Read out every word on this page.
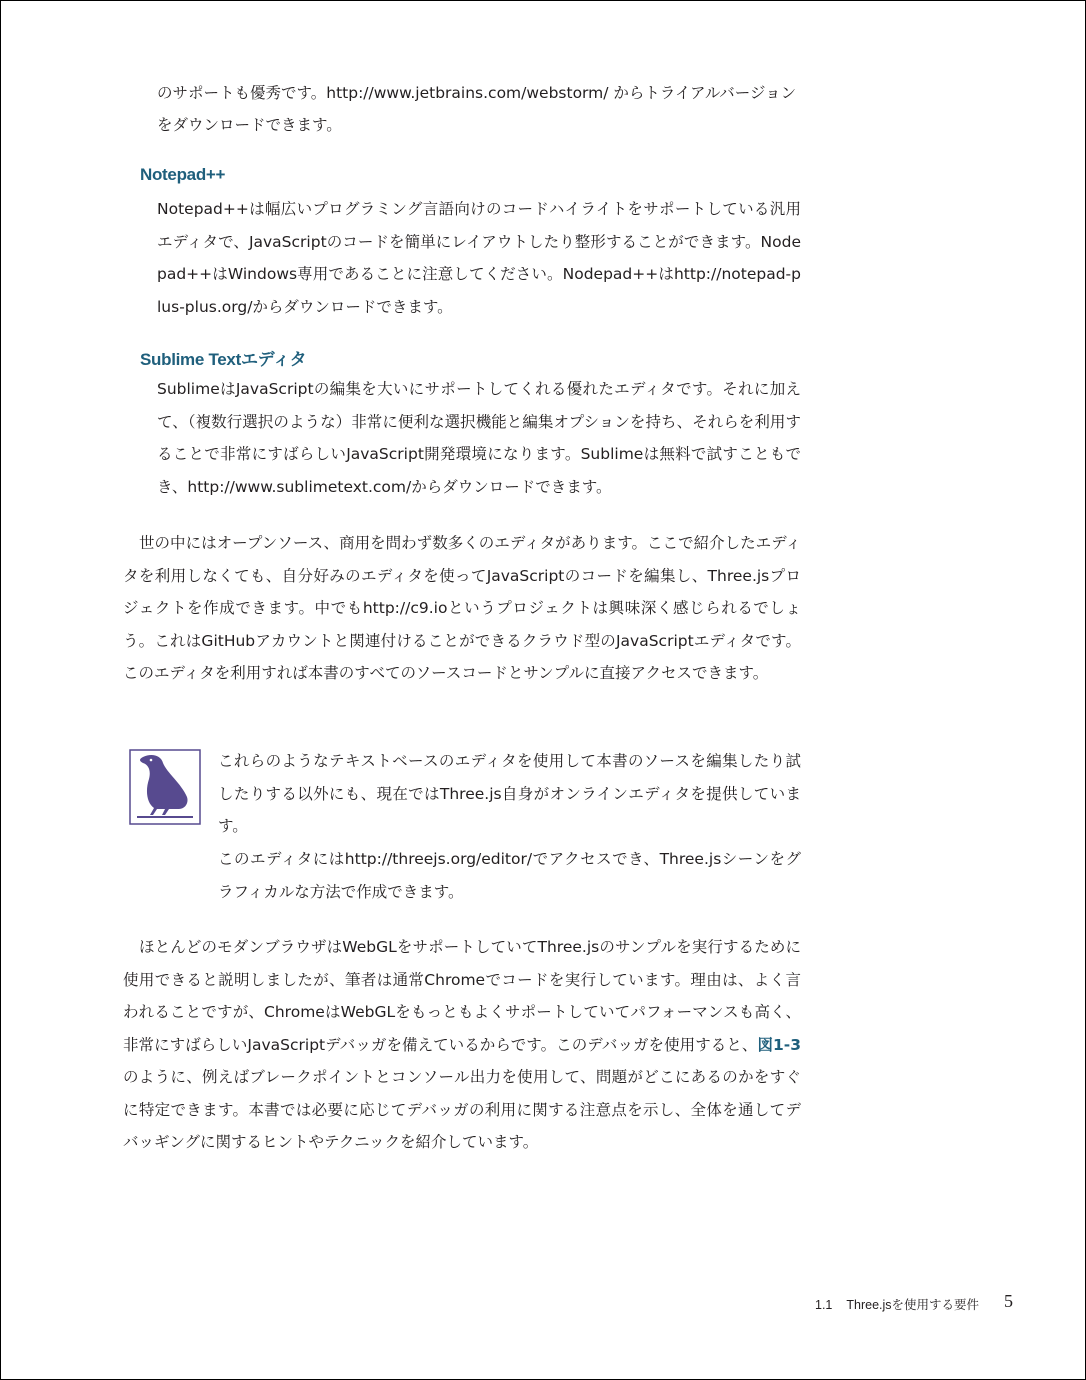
のサポートも優秀です。http://www.jetbrains.com/webstorm/ からトライアルバージョン

をダウンロードできます。

Notepad++

Notepad++は幅広いプログラミング言語向けのコードハイライトをサポートしている汎用エディタで、JavaScriptのコードを簡単にレイアウトしたり整形することができます。Nodepad++はWindows専用であることに注意してください。Nodepad++はhttp://notepad-plus-plus.org/からダウンロードできます。

Sublime Textエディタ

SublimeはJavaScriptの編集を大いにサポートしてくれる優れたエディタです。それに加えて、（複数行選択のような）非常に便利な選択機能と編集オプションを持ち、それらを利用することで非常にすばらしいJavaScript開発環境になります。Sublimeは無料で試すこともでき、http://www.sublimetext.com/からダウンロードできます。

世の中にはオープンソース、商用を問わず数多くのエディタがあります。ここで紹介したエディタを利用しなくても、自分好みのエディタを使ってJavaScriptのコードを編集し、Three.jsプロジェクトを作成できます。中でもhttp://c9.ioというプロジェクトは興味深く感じられるでしょう。これはGitHubアカウントと関連付けることができるクラウド型のJavaScriptエディタです。このエディタを利用すれば本書のすべてのソースコードとサンプルに直接アクセスできます。

これらのようなテキストベースのエディタを使用して本書のソースを編集したり試したりする以外にも、現在ではThree.js自身がオンラインエディタを提供しています。

このエディタにはhttp://threejs.org/editor/でアクセスでき、Three.jsシーンをグラフィカルな方法で作成できます。

ほとんどのモダンブラウザはWebGLをサポートしていてThree.jsのサンプルを実行するために使用できると説明しましたが、筆者は通常Chromeでコードを実行しています。理由は、よく言われることですが、ChromeはWebGLをもっともよくサポートしていてパフォーマンスも高く、非常にすばらしいJavaScriptデバッガを備えているからです。このデバッガを使用すると、図1-3のように、例えばブレークポイントとコンソール出力を使用して、問題がどこにあるのかをすぐに特定できます。本書では必要に応じてデバッガの利用に関する注意点を示し、全体を通してデバッギングに関するヒントやテクニックを紹介しています。

1.1 Three.jsを使用する要件 5
